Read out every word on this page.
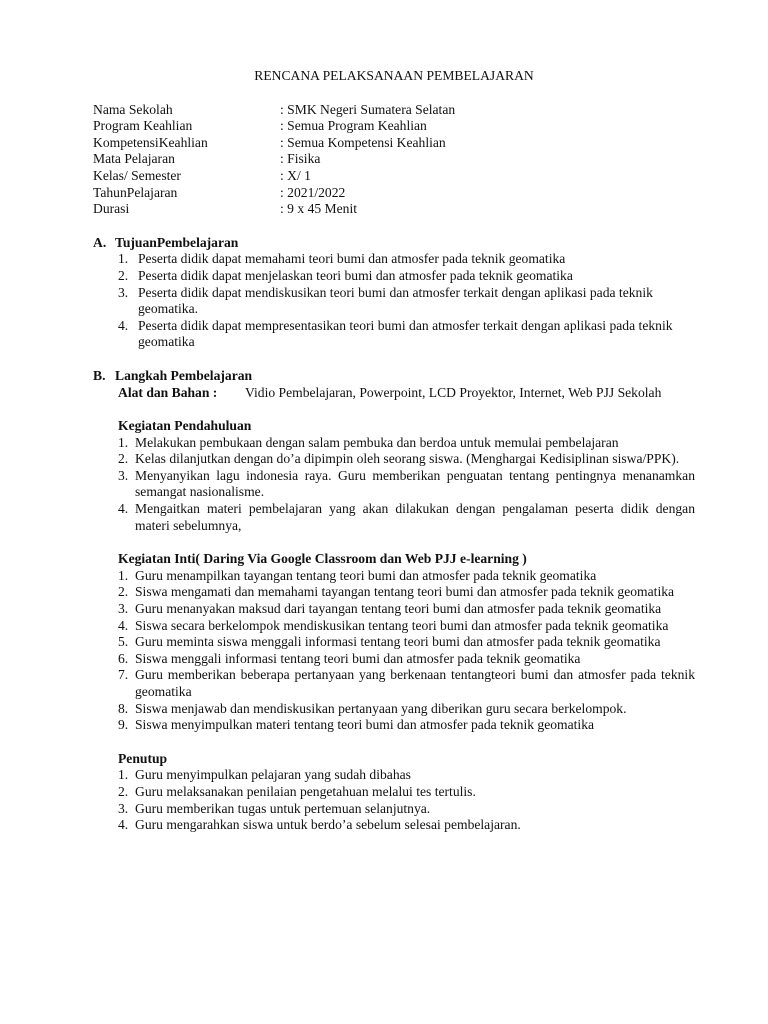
RENCANA PELAKSANAAN PEMBELAJARAN
Nama Sekolah	: SMK Negeri Sumatera Selatan
Program Keahlian	: Semua Program Keahlian
KompetensiKeahlian	: Semua Kompetensi Keahlian
Mata Pelajaran	: Fisika
Kelas/ Semester	: X/ 1
TahunPelajaran	: 2021/2022
Durasi	: 9 x 45 Menit
A. TujuanPembelajaran
1. Peserta didik dapat memahami teori bumi dan atmosfer pada teknik geomatika
2. Peserta didik dapat menjelaskan teori bumi dan atmosfer pada teknik geomatika
3. Peserta didik dapat mendiskusikan teori bumi dan atmosfer terkait dengan aplikasi pada teknik geomatika.
4. Peserta didik dapat mempresentasikan teori bumi dan atmosfer terkait dengan aplikasi pada teknik geomatika
B. Langkah Pembelajaran
Alat dan Bahan :	Vidio Pembelajaran, Powerpoint, LCD Proyektor, Internet, Web PJJ Sekolah
Kegiatan Pendahuluan
1. Melakukan pembukaan dengan salam pembuka dan berdoa untuk memulai pembelajaran
2. Kelas dilanjutkan dengan do’a dipimpin oleh seorang siswa. (Menghargai Kedisiplinan siswa/PPK).
3. Menyanyikan lagu indonesia raya. Guru memberikan penguatan tentang pentingnya menanamkan semangat nasionalisme.
4. Mengaitkan materi pembelajaran yang akan dilakukan dengan pengalaman peserta didik dengan materi sebelumnya,
Kegiatan Inti( Daring Via Google Classroom dan Web PJJ e-learning )
1. Guru menampilkan tayangan tentang teori bumi dan atmosfer pada teknik geomatika
2. Siswa mengamati dan memahami tayangan tentang teori bumi dan atmosfer pada teknik geomatika
3. Guru menanyakan maksud dari tayangan tentang teori bumi dan atmosfer pada teknik geomatika
4. Siswa secara berkelompok mendiskusikan tentang teori bumi dan atmosfer pada teknik geomatika
5. Guru meminta siswa menggali informasi tentang teori bumi dan atmosfer pada teknik geomatika
6. Siswa menggali informasi tentang teori bumi dan atmosfer pada teknik geomatika
7. Guru memberikan beberapa pertanyaan yang berkenaan tentangteori bumi dan atmosfer pada teknik geomatika
8. Siswa menjawab dan mendiskusikan pertanyaan yang diberikan guru secara berkelompok.
9. Siswa menyimpulkan materi tentang teori bumi dan atmosfer pada teknik geomatika
Penutup
1. Guru menyimpulkan pelajaran yang sudah dibahas
2. Guru melaksanakan penilaian pengetahuan melalui tes tertulis.
3. Guru memberikan tugas untuk pertemuan selanjutnya.
4. Guru mengarahkan siswa untuk berdo’a sebelum selesai pembelajaran.
